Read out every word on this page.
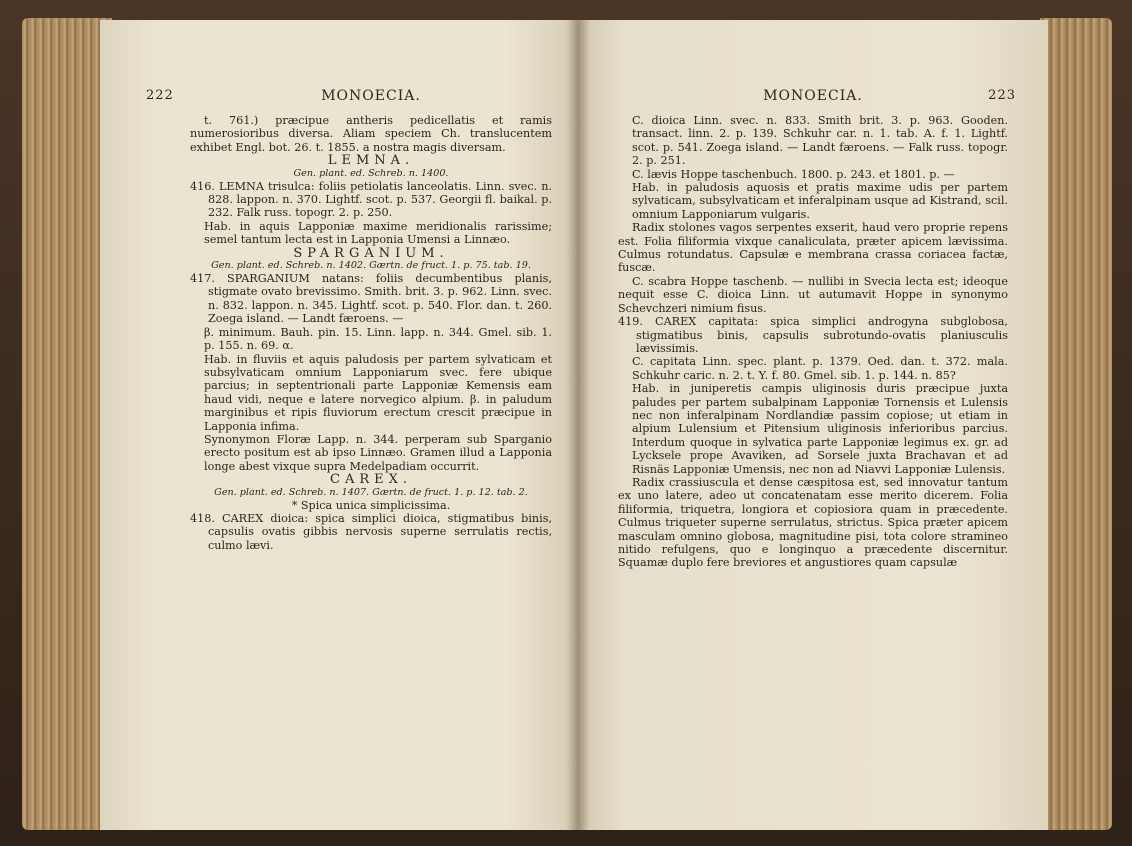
222	MONOECIA.

t. 761.) præcipue antheris pedicellatis et ramis numerosioribus diversa. Aliam speciem Ch. translucentem exhibet Engl. bot. 26. t. 1855. a nostra magis diversam.

LEMNA.

Gen. plant. ed. Schreb. n. 1400.

416. LEMNA trisulca: foliis petiolatis lanceolatis. Linn. svec. n. 828. lappon. n. 370. Lightf. scot. p. 537. Georgii fl. baikal. p. 232. Falk russ. topogr. 2. p. 250.

Hab. in aquis Lapponiæ maxime meridionalis rarissime; semel tantum lecta est in Lapponia Umensi a Linnæo.

SPARGANIUM.

Gen. plant. ed. Schreb. n. 1402. Gærtn. de fruct. 1. p. 75. tab. 19.

417. SPARGANIUM natans: foliis decumbentibus planis, stigmate ovato brevissimo. Smith. brit. 3. p. 962. Linn. svec. n. 832. lappon. n. 345. Lightf. scot. p. 540. Flor. dan. t. 260. Zoega island. — Landt færoens. —

β. minimum. Bauh. pin. 15. Linn. lapp. n. 344. Gmel. sib. 1. p. 155. n. 69. α.

Hab. in fluviis et aquis paludosis per partem sylvaticam et subsylvaticam omnium Lapponiarum svec. fere ubique parcius; in septentrionali parte Lapponiæ Kemensis eam haud vidi, neque e latere norvegico alpium. β. in paludum marginibus et ripis fluviorum erectum crescit præcipue in Lapponia infima.

Synonymon Floræ Lapp. n. 344. perperam sub Sparganio erecto positum est ab ipso Linnæo. Gramen illud a Lapponia longe abest vixque supra Medelpadiam occurrit.

CAREX.

Gen. plant. ed. Schreb. n. 1407. Gærtn. de fruct. 1. p. 12. tab. 2.

* Spica unica simplicissima.

418. CAREX dioica: spica simplici dioica, stigmatibus binis, capsulis ovatis gibbis nervosis superne serrulatis rectis, culmo lævi.

MONOECIA.	223

C. dioica Linn. svec. n. 833. Smith brit. 3. p. 963. Gooden. transact. linn. 2. p. 139. Schkuhr car. n. 1. tab. A. f. 1. Lightf. scot. p. 541. Zoega island. — Landt færoens. — Falk russ. topogr. 2. p. 251.

C. lævis Hoppe taschenbuch. 1800. p. 243. et 1801. p. —

Hab. in paludosis aquosis et pratis maxime udis per partem sylvaticam, subsylvaticam et inferalpinam usque ad Kistrand, scil. omnium Lapponiarum vulgaris.

Radix stolones vagos serpentes exserit, haud vero proprie repens est. Folia filiformia vixque canaliculata, præter apicem lævissima. Culmus rotundatus. Capsulæ e membrana crassa coriacea factæ, fuscæ.

C. scabra Hoppe taschenb. — nullibi in Svecia lecta est; ideoque nequit esse C. dioica Linn. ut autumavit Hoppe in synonymo Schevchzeri nimium fisus.

419. CAREX capitata: spica simplici androgyna subglobosa, stigmatibus binis, capsulis subrotundo-ovatis planiusculis lævissimis.

C. capitata Linn. spec. plant. p. 1379. Oed. dan. t. 372. mala. Schkuhr caric. n. 2. t. Y. f. 80. Gmel. sib. 1. p. 144. n. 85?

Hab. in juniperetis campis uliginosis duris præcipue juxta paludes per partem subalpinam Lapponiæ Tornensis et Lulensis nec non inferalpinam Nordlandiæ passim copiose; ut etiam in alpium Lulensium et Pitensium uliginosis inferioribus parcius. Interdum quoque in sylvatica parte Lapponiæ legimus ex. gr. ad Lycksele prope Avaviken, ad Sorsele juxta Brachavan et ad Risnäs Lapponiæ Umensis, nec non ad Niavvi Lapponiæ Lulensis.

Radix crassiuscula et dense cæspitosa est, sed innovatur tantum ex uno latere, adeo ut concatenatam esse merito dicerem. Folia filiformia, triquetra, longiora et copiosiora quam in præcedente. Culmus triqueter superne serrulatus, strictus. Spica præter apicem masculam omnino globosa, magnitudine pisi, tota colore stramineo nitido refulgens, quo e longinquo a præcedente discernitur. Squamæ duplo fere breviores et angustiores quam capsulæ
